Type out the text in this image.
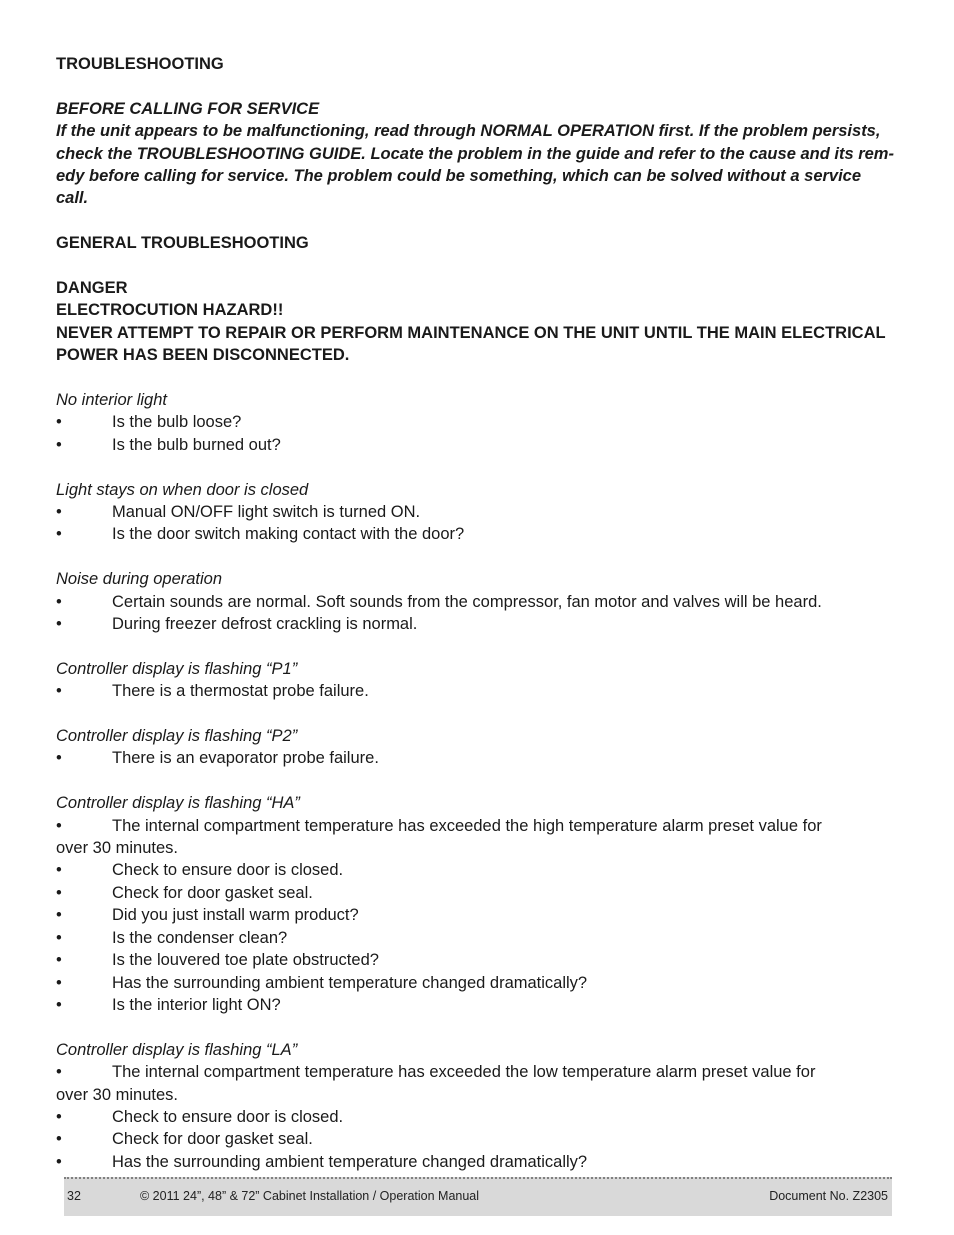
TROUBLESHOOTING
BEFORE CALLING FOR SERVICE
If the unit appears to be malfunctioning, read through NORMAL OPERATION first. If the problem persists,
check the TROUBLESHOOTING GUIDE. Locate the problem in the guide and refer to the cause and its rem-
edy before calling for service. The problem could be something, which can be solved without a service
call.
GENERAL TROUBLESHOOTING
DANGER
ELECTROCUTION HAZARD!!
NEVER ATTEMPT TO REPAIR OR PERFORM MAINTENANCE ON THE UNIT UNTIL THE MAIN ELECTRICAL
POWER HAS BEEN DISCONNECTED.
No interior light
•	Is the bulb loose?
•	Is the bulb burned out?
Light stays on when door is closed
•	Manual ON/OFF light switch is turned ON.
•	Is the door switch making contact with the door?
Noise during operation
•	Certain sounds are normal. Soft sounds from the compressor, fan motor and valves will be heard.
•	During freezer defrost crackling is normal.
Controller display is flashing “P1”
•	There is a thermostat probe failure.
Controller display is flashing “P2”
•	There is an evaporator probe failure.
Controller display is flashing “HA”
•	The internal compartment temperature has exceeded the high temperature alarm preset value for
over 30 minutes.
•	Check to ensure door is closed.
•	Check for door gasket seal.
•	Did you just install warm product?
•	Is the condenser clean?
•	Is the louvered toe plate obstructed?
•	Has the surrounding ambient temperature changed dramatically?
•	Is the interior light ON?
Controller display is flashing “LA”
•	The internal compartment temperature has exceeded the low temperature alarm preset value for
over 30 minutes.
•	Check to ensure door is closed.
•	Check for door gasket seal.
•	Has the surrounding ambient temperature changed dramatically?
32	© 2011 24”, 48” & 72” Cabinet Installation / Operation Manual	Document No. Z2305
